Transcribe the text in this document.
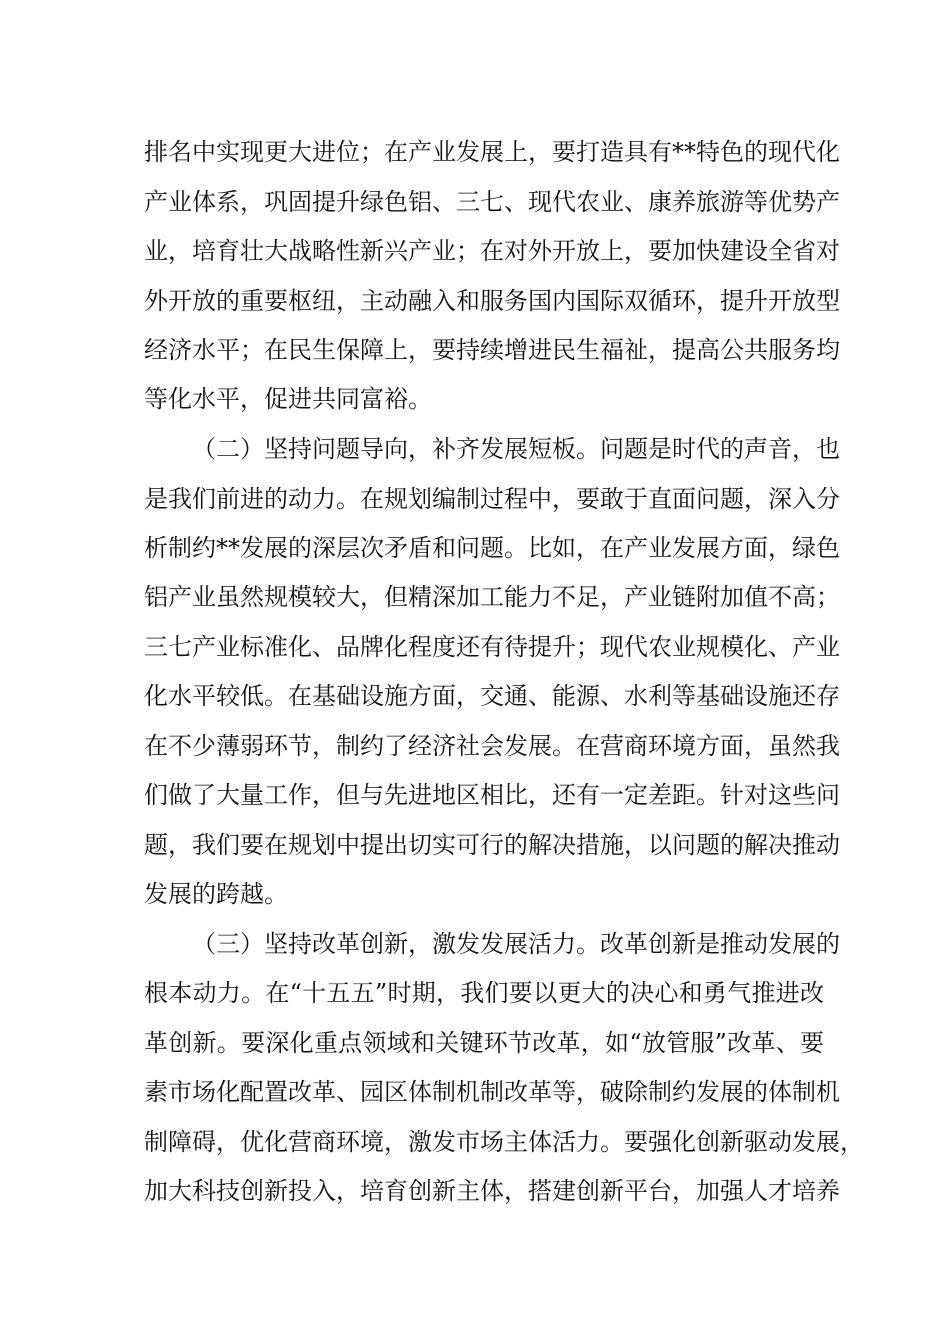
排名中实现更大进位；在产业发展上，要打造具有**特色的现代化
产业体系，巩固提升绿色铝、三七、现代农业、康养旅游等优势产
业，培育壮大战略性新兴产业；在对外开放上，要加快建设全省对
外开放的重要枢纽，主动融入和服务国内国际双循环，提升开放型
经济水平；在民生保障上，要持续增进民生福祉，提高公共服务均
等化水平，促进共同富裕。
（二）坚持问题导向，补齐发展短板。问题是时代的声音，也
是我们前进的动力。在规划编制过程中，要敢于直面问题，深入分
析制约**发展的深层次矛盾和问题。比如，在产业发展方面，绿色
铝产业虽然规模较大，但精深加工能力不足，产业链附加值不高；
三七产业标准化、品牌化程度还有待提升；现代农业规模化、产业
化水平较低。在基础设施方面，交通、能源、水利等基础设施还存
在不少薄弱环节，制约了经济社会发展。在营商环境方面，虽然我
们做了大量工作，但与先进地区相比，还有一定差距。针对这些问
题，我们要在规划中提出切实可行的解决措施，以问题的解决推动
发展的跨越。
（三）坚持改革创新，激发发展活力。改革创新是推动发展的
根本动力。在“十五五”时期，我们要以更大的决心和勇气推进改
革创新。要深化重点领域和关键环节改革，如“放管服”改革、要
素市场化配置改革、园区体制机制改革等，破除制约发展的体制机
制障碍，优化营商环境，激发市场主体活力。要强化创新驱动发展，
加大科技创新投入，培育创新主体，搭建创新平台，加强人才培养
